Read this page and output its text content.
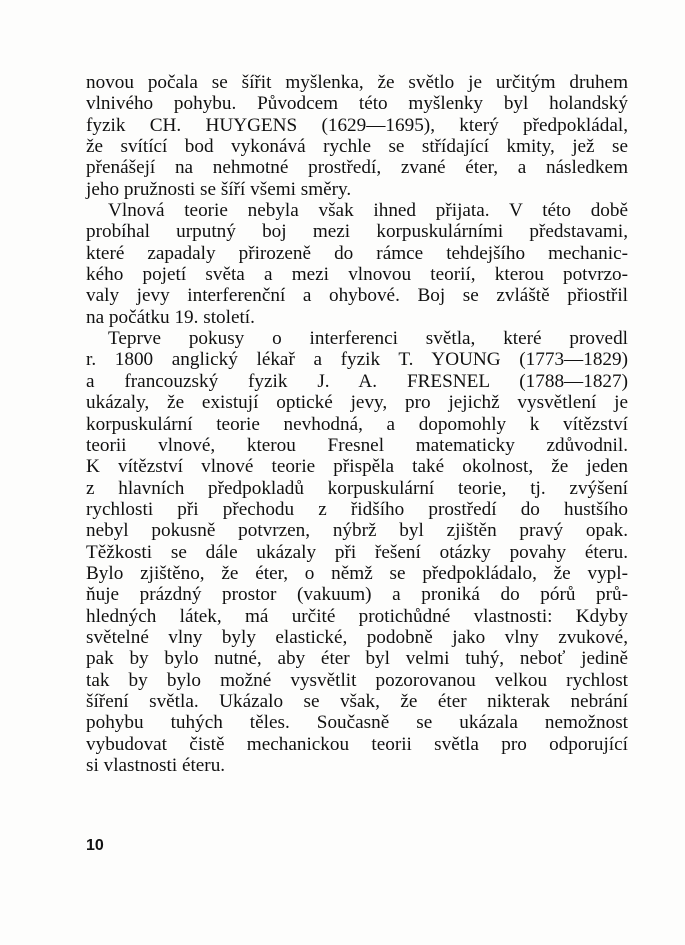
novou počala se šířit myšlenka, že světlo je určitým druhem
vlnivého pohybu. Původcem této myšlenky byl holandský
fyzik CH. HUYGENS (1629—1695), který předpokládal,
že svítící bod vykonává rychle se střídající kmity, jež se
přenášejí na nehmotné prostředí, zvané éter, a následkem
jeho pružnosti se šíří všemi směry.
Vlnová teorie nebyla však ihned přijata. V této době
probíhal urputný boj mezi korpuskulárními představami,
které zapadaly přirozeně do rámce tehdejšího mechanic-
kého pojetí světa a mezi vlnovou teorií, kterou potvrzo-
valy jevy interferenční a ohybové. Boj se zvláště přiostřil
na počátku 19. století.
Teprve pokusy o interferenci světla, které provedl
r. 1800 anglický lékař a fyzik T. YOUNG (1773—1829)
a francouzský fyzik J. A. FRESNEL (1788—1827)
ukázaly, že existují optické jevy, pro jejichž vysvětlení je
korpuskulární teorie nevhodná, a dopomohly k vítězství
teorii vlnové, kterou Fresnel matematicky zdůvodnil.
K vítězství vlnové teorie přispěla také okolnost, že jeden
z hlavních předpokladů korpuskulární teorie, tj. zvýšení
rychlosti při přechodu z řidšího prostředí do hustšího
nebyl pokusně potvrzen, nýbrž byl zjištěn pravý opak.
Těžkosti se dále ukázaly při řešení otázky povahy éteru.
Bylo zjištěno, že éter, o němž se předpokládalo, že vypl-
ňuje prázdný prostor (vakuum) a proniká do pórů prů-
hledných látek, má určité protichůdné vlastnosti: Kdyby
světelné vlny byly elastické, podobně jako vlny zvukové,
pak by bylo nutné, aby éter byl velmi tuhý, neboť jedině
tak by bylo možné vysvětlit pozorovanou velkou rychlost
šíření světla. Ukázalo se však, že éter nikterak nebrání
pohybu tuhých těles. Současně se ukázala nemožnost
vybudovat čistě mechanickou teorii světla pro odporující
si vlastnosti éteru.
10
